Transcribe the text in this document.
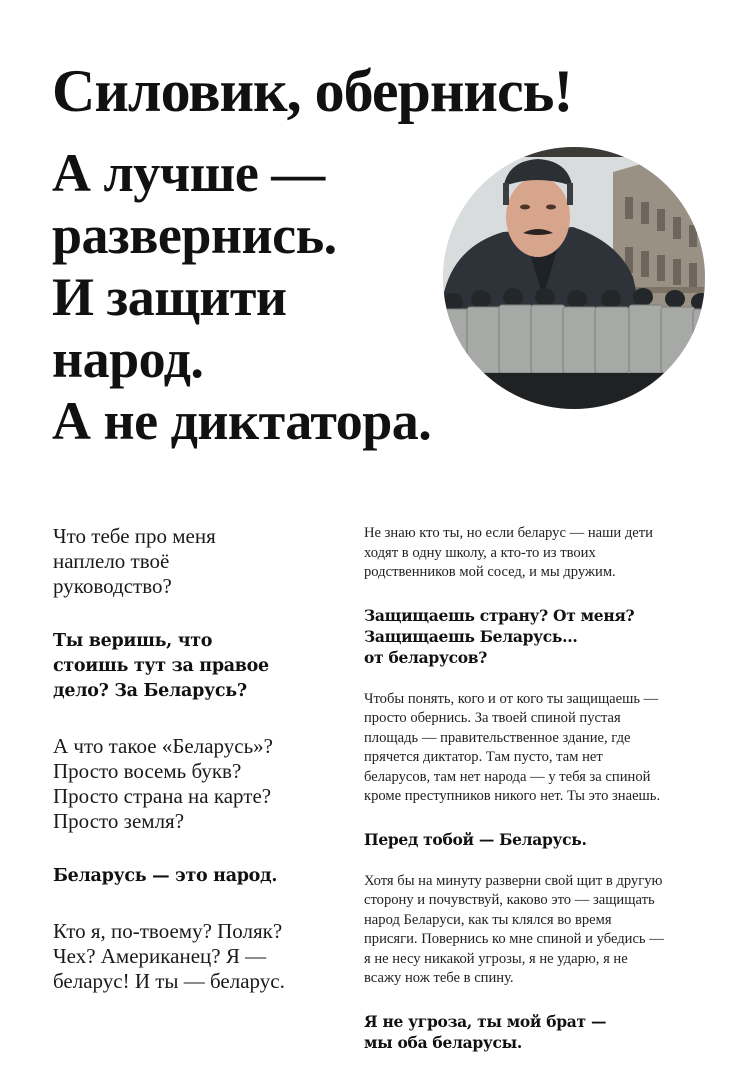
Силовик, обернись!
А лучше —
развернись.
И защити
народ.
А не диктатора.

Что тебе про меня
наплело твоё
руководство?

Ты веришь, что
стоишь тут за правое
дело? За Беларусь?

А что такое «Беларусь»?
Просто восемь букв?
Просто страна на карте?
Просто земля?

Беларусь — это народ.

Кто я, по-твоему? Поляк?
Чех? Американец? Я —
беларус! И ты — беларус.

Не знаю кто ты, но если беларус — наши дети
ходят в одну школу, а кто-то из твоих
родственников мой сосед, и мы дружим.

Защищаешь страну? От меня?
Защищаешь Беларусь...
от беларусов?

Чтобы понять, кого и от кого ты защищаешь —
просто обернись. За твоей спиной пустая
площадь — правительственное здание, где
прячется диктатор. Там пусто, там нет
беларусов, там нет народа — у тебя за спиной
кроме преступников никого нет. Ты это знаешь.

Перед тобой — Беларусь.

Хотя бы на минуту разверни свой щит в другую
сторону и почувствуй, каково это — защищать
народ Беларуси, как ты клялся во время
присяги. Повернись ко мне спиной и убедись —
я не несу никакой угрозы, я не ударю, я не
всажу нож тебе в спину.

Я не угроза, ты мой брат —
мы оба беларусы.
